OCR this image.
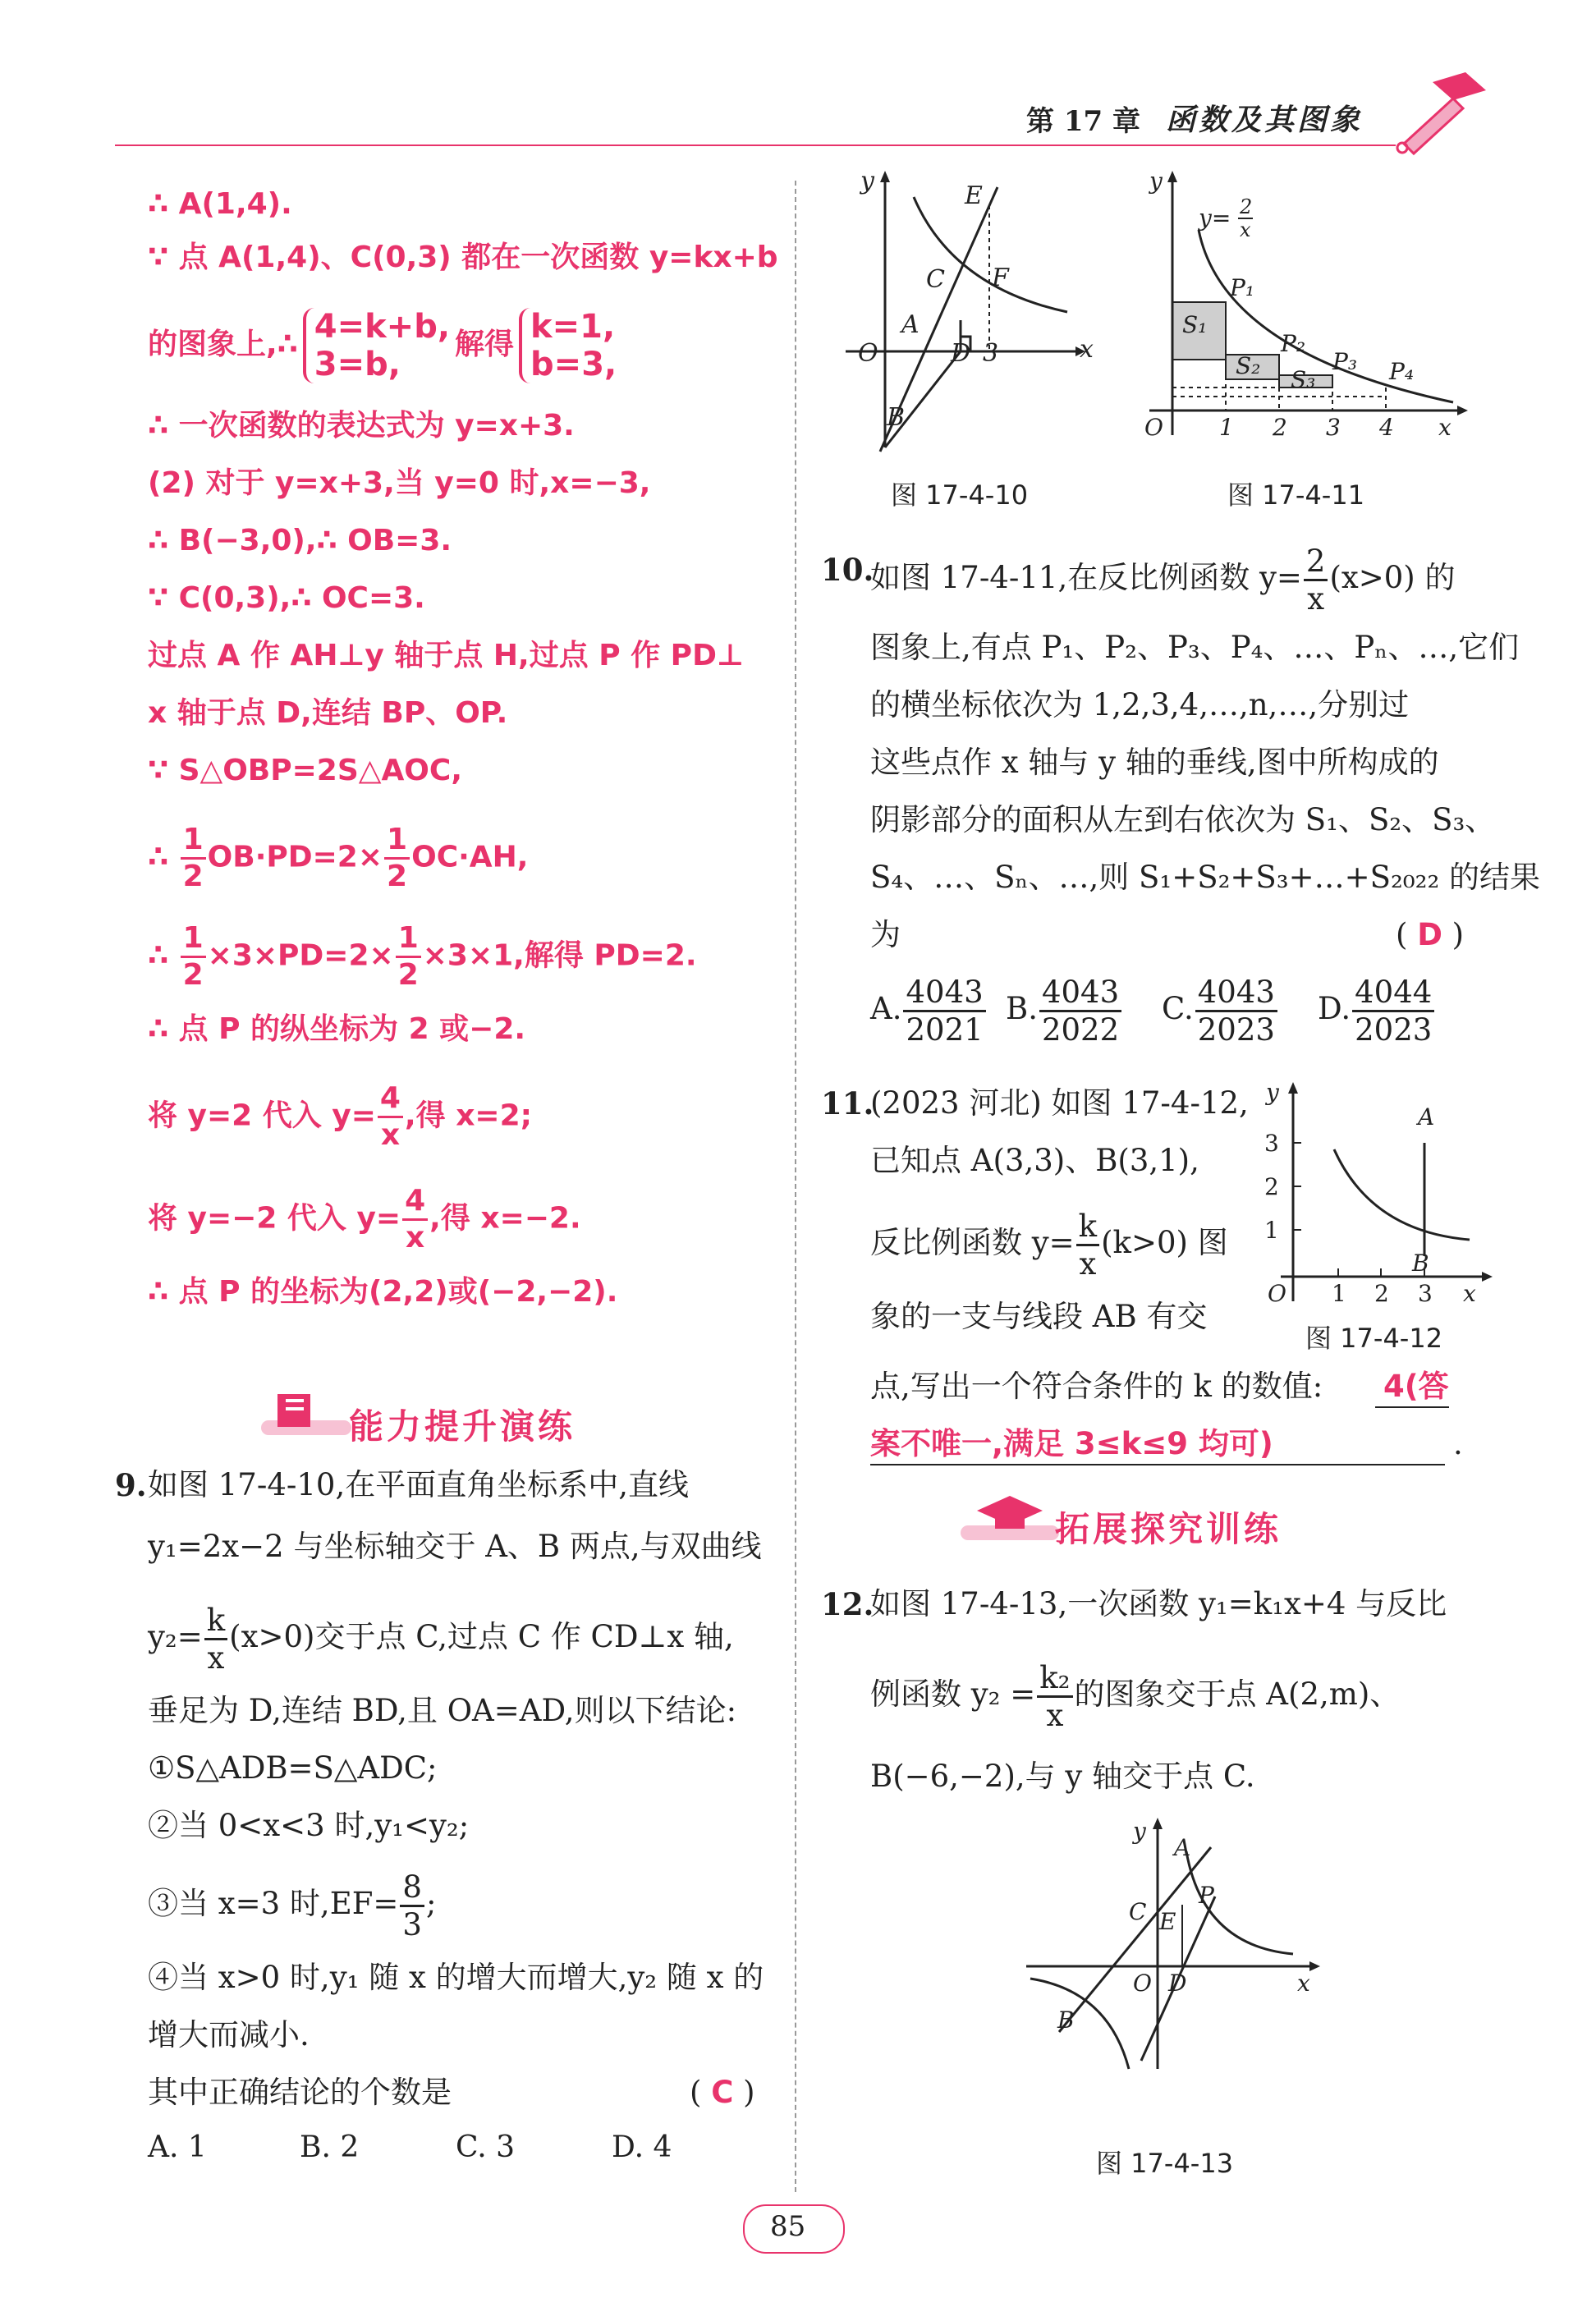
第 17 章 函数及其图象
∴ A(1,4).
∵ 点 A(1,4)、C(0,3) 都在一次函数 y=kx+b
的图象上,∴ 4=k+b,
3=b,
解得 k=1,
b=3,
∴ 一次函数的表达式为 y=x+3.
(2) 对于 y=x+3,当 y=0 时,x=−3,
∴ B(−3,0),∴ OB=3.
∵ C(0,3),∴ OC=3.
过点 A 作 AH⊥y 轴于点 H,过点 P 作 PD⊥
x 轴于点 D,连结 BP、OP.
∵ S△OBP=2S△AOC,
∴ $\frac{1}{2} OB\cdot PD=2\times \frac{1}{2} OC\cdot AH$,
∴ $\frac{1}{2} \times 3\times PD=2\times \frac{1}{2} \times 3\times 1$,解得 PD=2.
∴ 点 P 的纵坐标为 2 或−2.
将 y=2 代入 $y= \frac{4}{x}$ ,得 x=2;
将 y=−2 代入 $y= \frac{4}{x}$ ,得 x=−2.
∴ 点 P 的坐标为(2,2)或(−2,−2).
能力提升演练
9. 如图 17-4-10,在平面直角坐标系中,直线
y₁=2x−2 与坐标轴交于 A、B 两点,与双曲线
$y_2= \frac{k}{x} (x>0)$交于点 C,过点 C 作 CD⊥x 轴,
垂足为 D,连结 BD,且 OA=AD,则以下结论:
①S△ADB=S△ADC;
②当 0<x<3 时,y₁<y₂;
③当 x=3 时$,EF= \frac{8}{3}$ ;
④当 x>0 时,y₁ 随 x 的增大而增大,y₂ 随 x 的
增大而减小.
其中正确结论的个数是	( C )
A. 1	B. 2	C. 3	D. 4
y
E
C F
A
O	D 3	x
B
图 17-4-10
y
y= 2
x
P₁
S₁
P₂
S₂	P₃
S₃	P₄
O 1 2 3 4 x
图 17-4-11
10.
如图 17-4-11,在反比例函数 $y= \frac{2}{x} (x>0)$ 的
图象上,有点 P₁、P₂、P₃、P₄、…、Pₙ、…,它们
的横坐标依次为 1,2,3,4,…,n,…,分别过
这些点作 x 轴与 y 轴的垂线,图中所构成的
阴影部分的面积从左到右依次为 S₁、S₂、S₃、
S₄、…、Sₙ、…,则 S₁+S₂+S₃+…+S₂₀₂₂ 的结果
为	( D )
A. $\frac{4043}{2021} B$. $\frac{4043}{2022} C$. $\frac{4043}{2023} D$. $\frac{4044}{2023}$
11.
(2023 河北) 如图 17-4-12,
已知点 A(3,3)、B(3,1),
反比例函数 $y= \frac{k}{x} (k>0)$ 图
象的一支与线段 AB 有交
点,写出一个符合条件的 k 的数值: 4(答
案不唯一,满足 3≤k≤9 均可)	.
y
3
2
1
A
B
O 1 2 3 x
图 17-4-12
拓展探究训练
12.
如图 17-4-13,一次函数 y₁=k₁x+4 与反比
例函数 $y_2 = \frac{\text{k₂}}{x}$ 的图象交于点 A(2,m)、
B(−6,−2),与 y 轴交于点 C.
y
A
P
C E
O D	x
B
图 17-4-13
85
